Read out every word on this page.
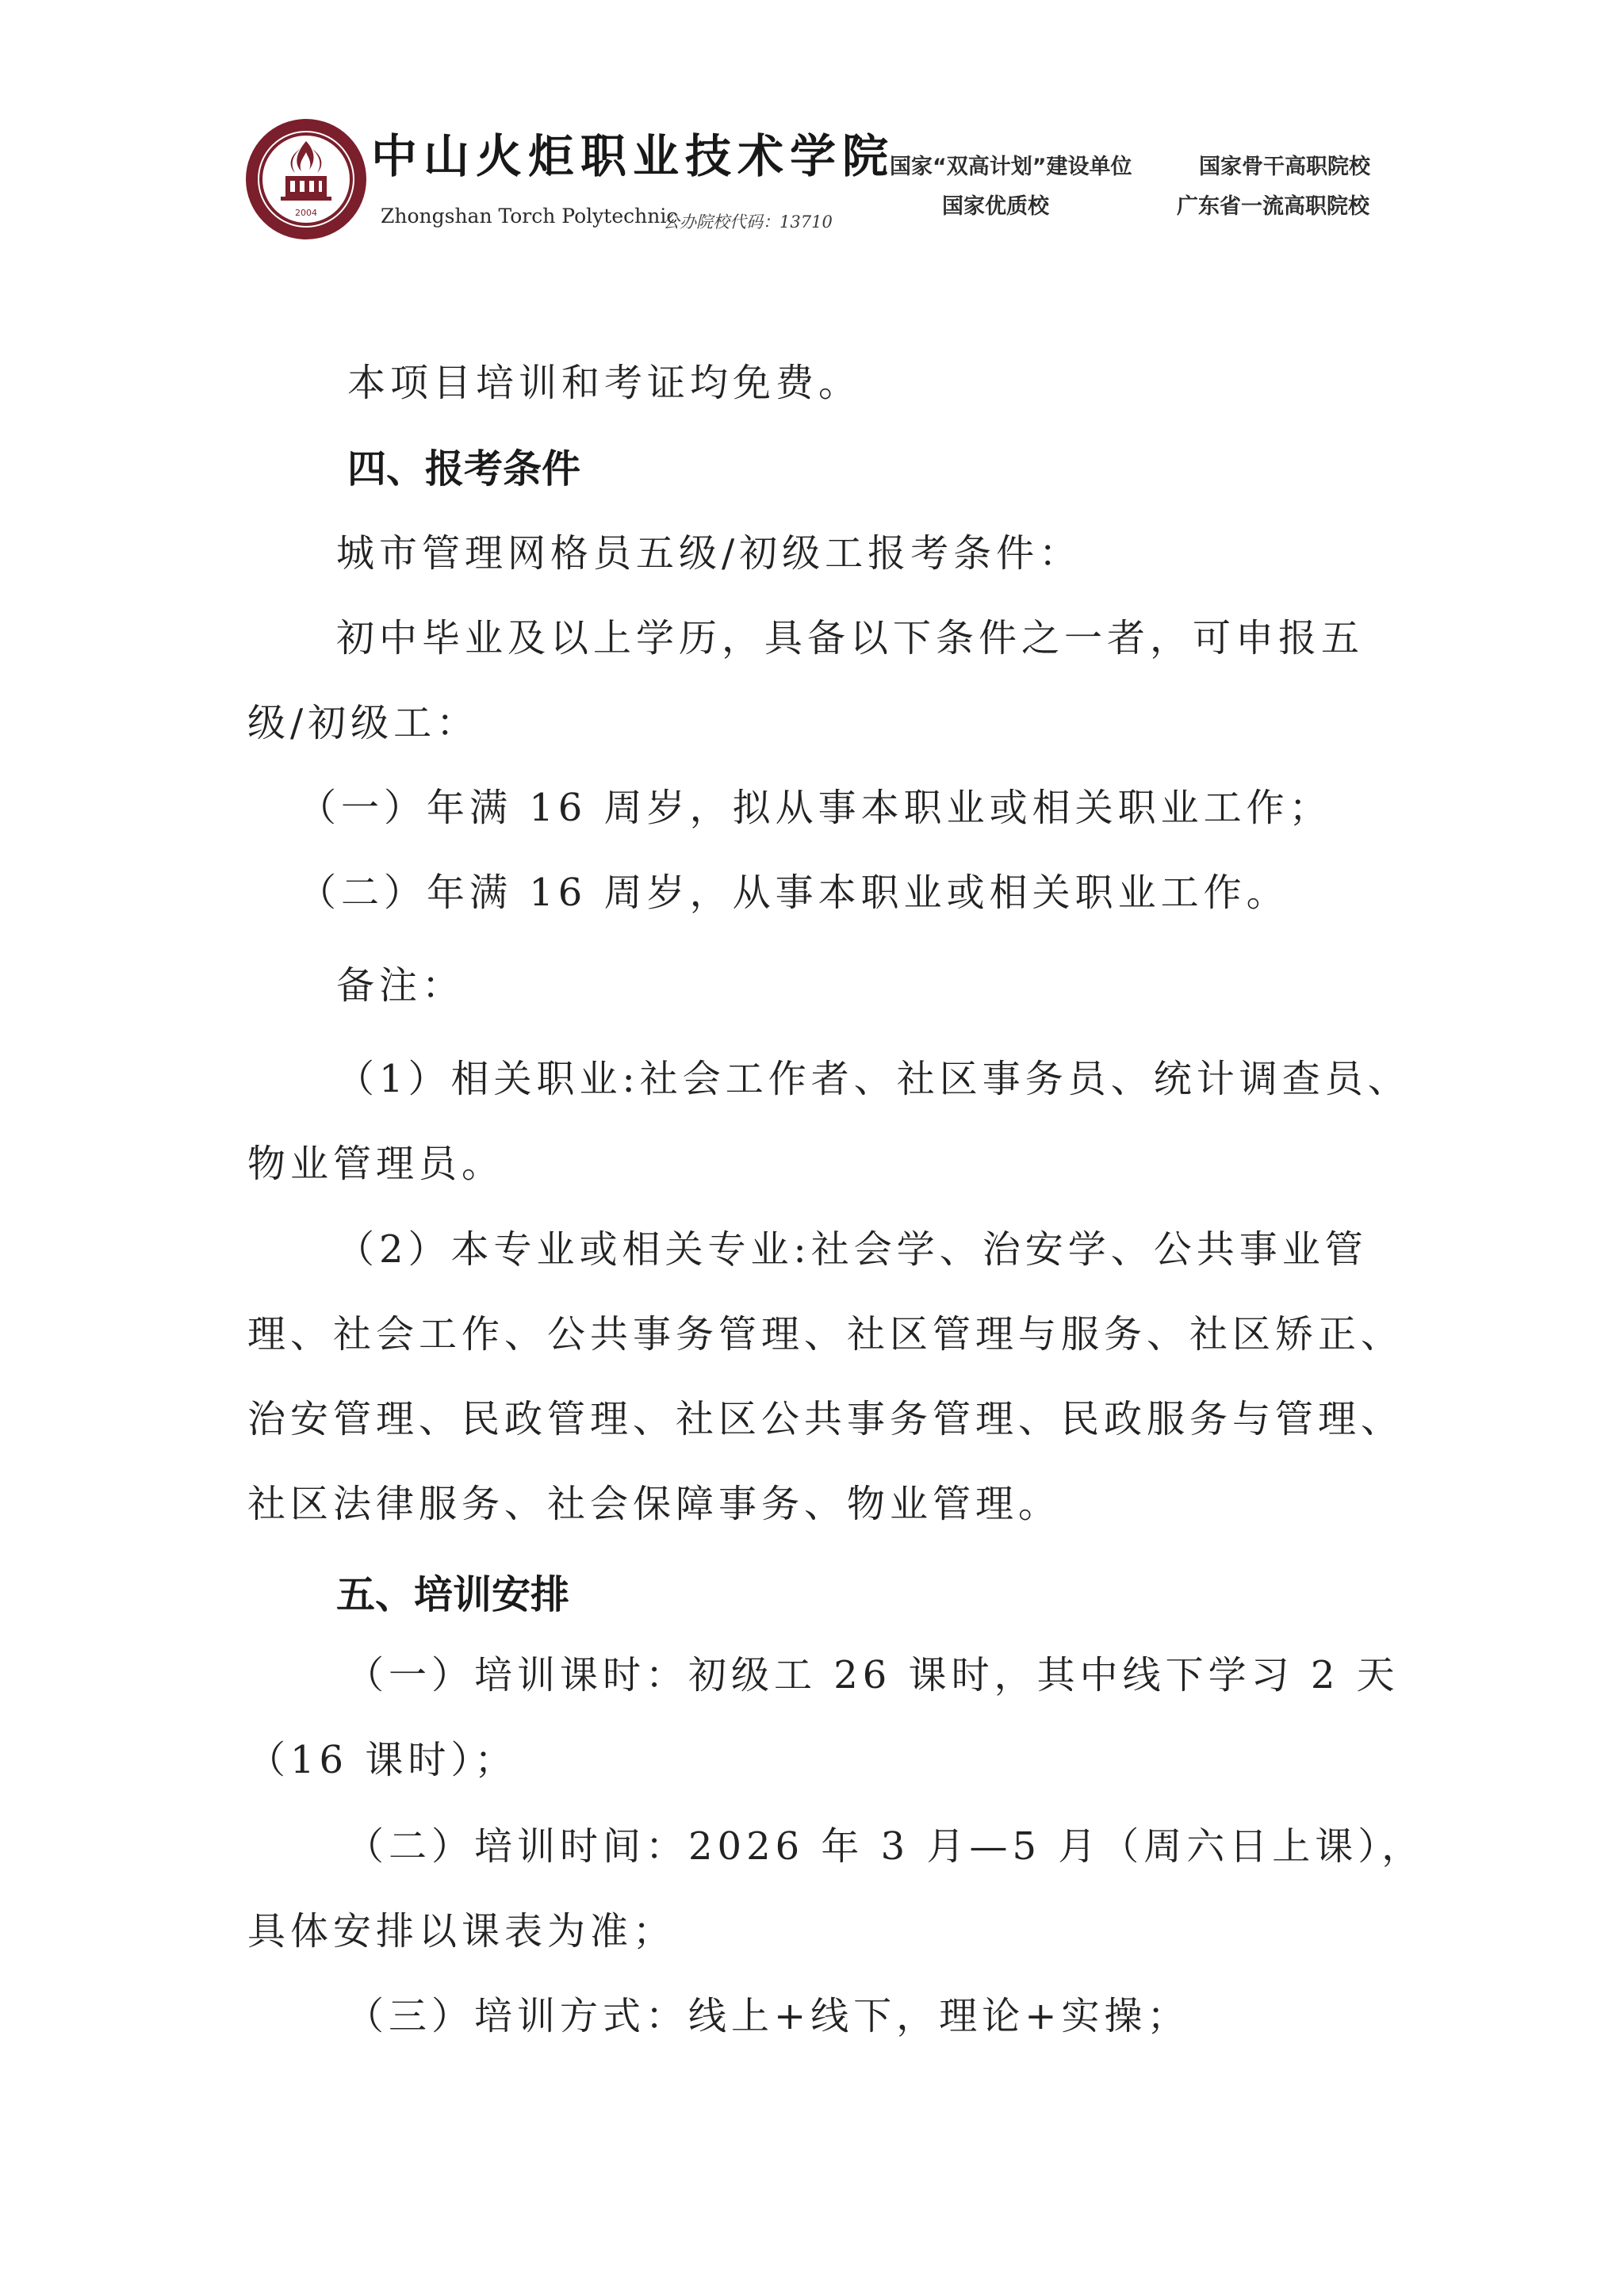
2004
中山火炬职业技术学院
Zhongshan Torch Polytechnic
公办院校代码：13710
国家“双高计划”建设单位	国家骨干高职院校
国家优质校	广东省一流高职院校

本项目培训和考证均免费。

四、报考条件

城市管理网格员五级/初级工报考条件：

初中毕业及以上学历，具备以下条件之一者，可申报五
级/初级工：

（一）年满 16 周岁，拟从事本职业或相关职业工作；

（二）年满 16 周岁，从事本职业或相关职业工作。

备注：

（1）相关职业:社会工作者、社区事务员、统计调查员、
物业管理员。

（2）本专业或相关专业:社会学、治安学、公共事业管
理、社会工作、公共事务管理、社区管理与服务、社区矫正、
治安管理、民政管理、社区公共事务管理、民政服务与管理、
社区法律服务、社会保障事务、物业管理。

五、培训安排

（一）培训课时：初级工 26 课时，其中线下学习 2 天
（16 课时）；

（二）培训时间：2026 年 3 月—5 月（周六日上课），
具体安排以课表为准；

（三）培训方式：线上+线下，理论+实操；
